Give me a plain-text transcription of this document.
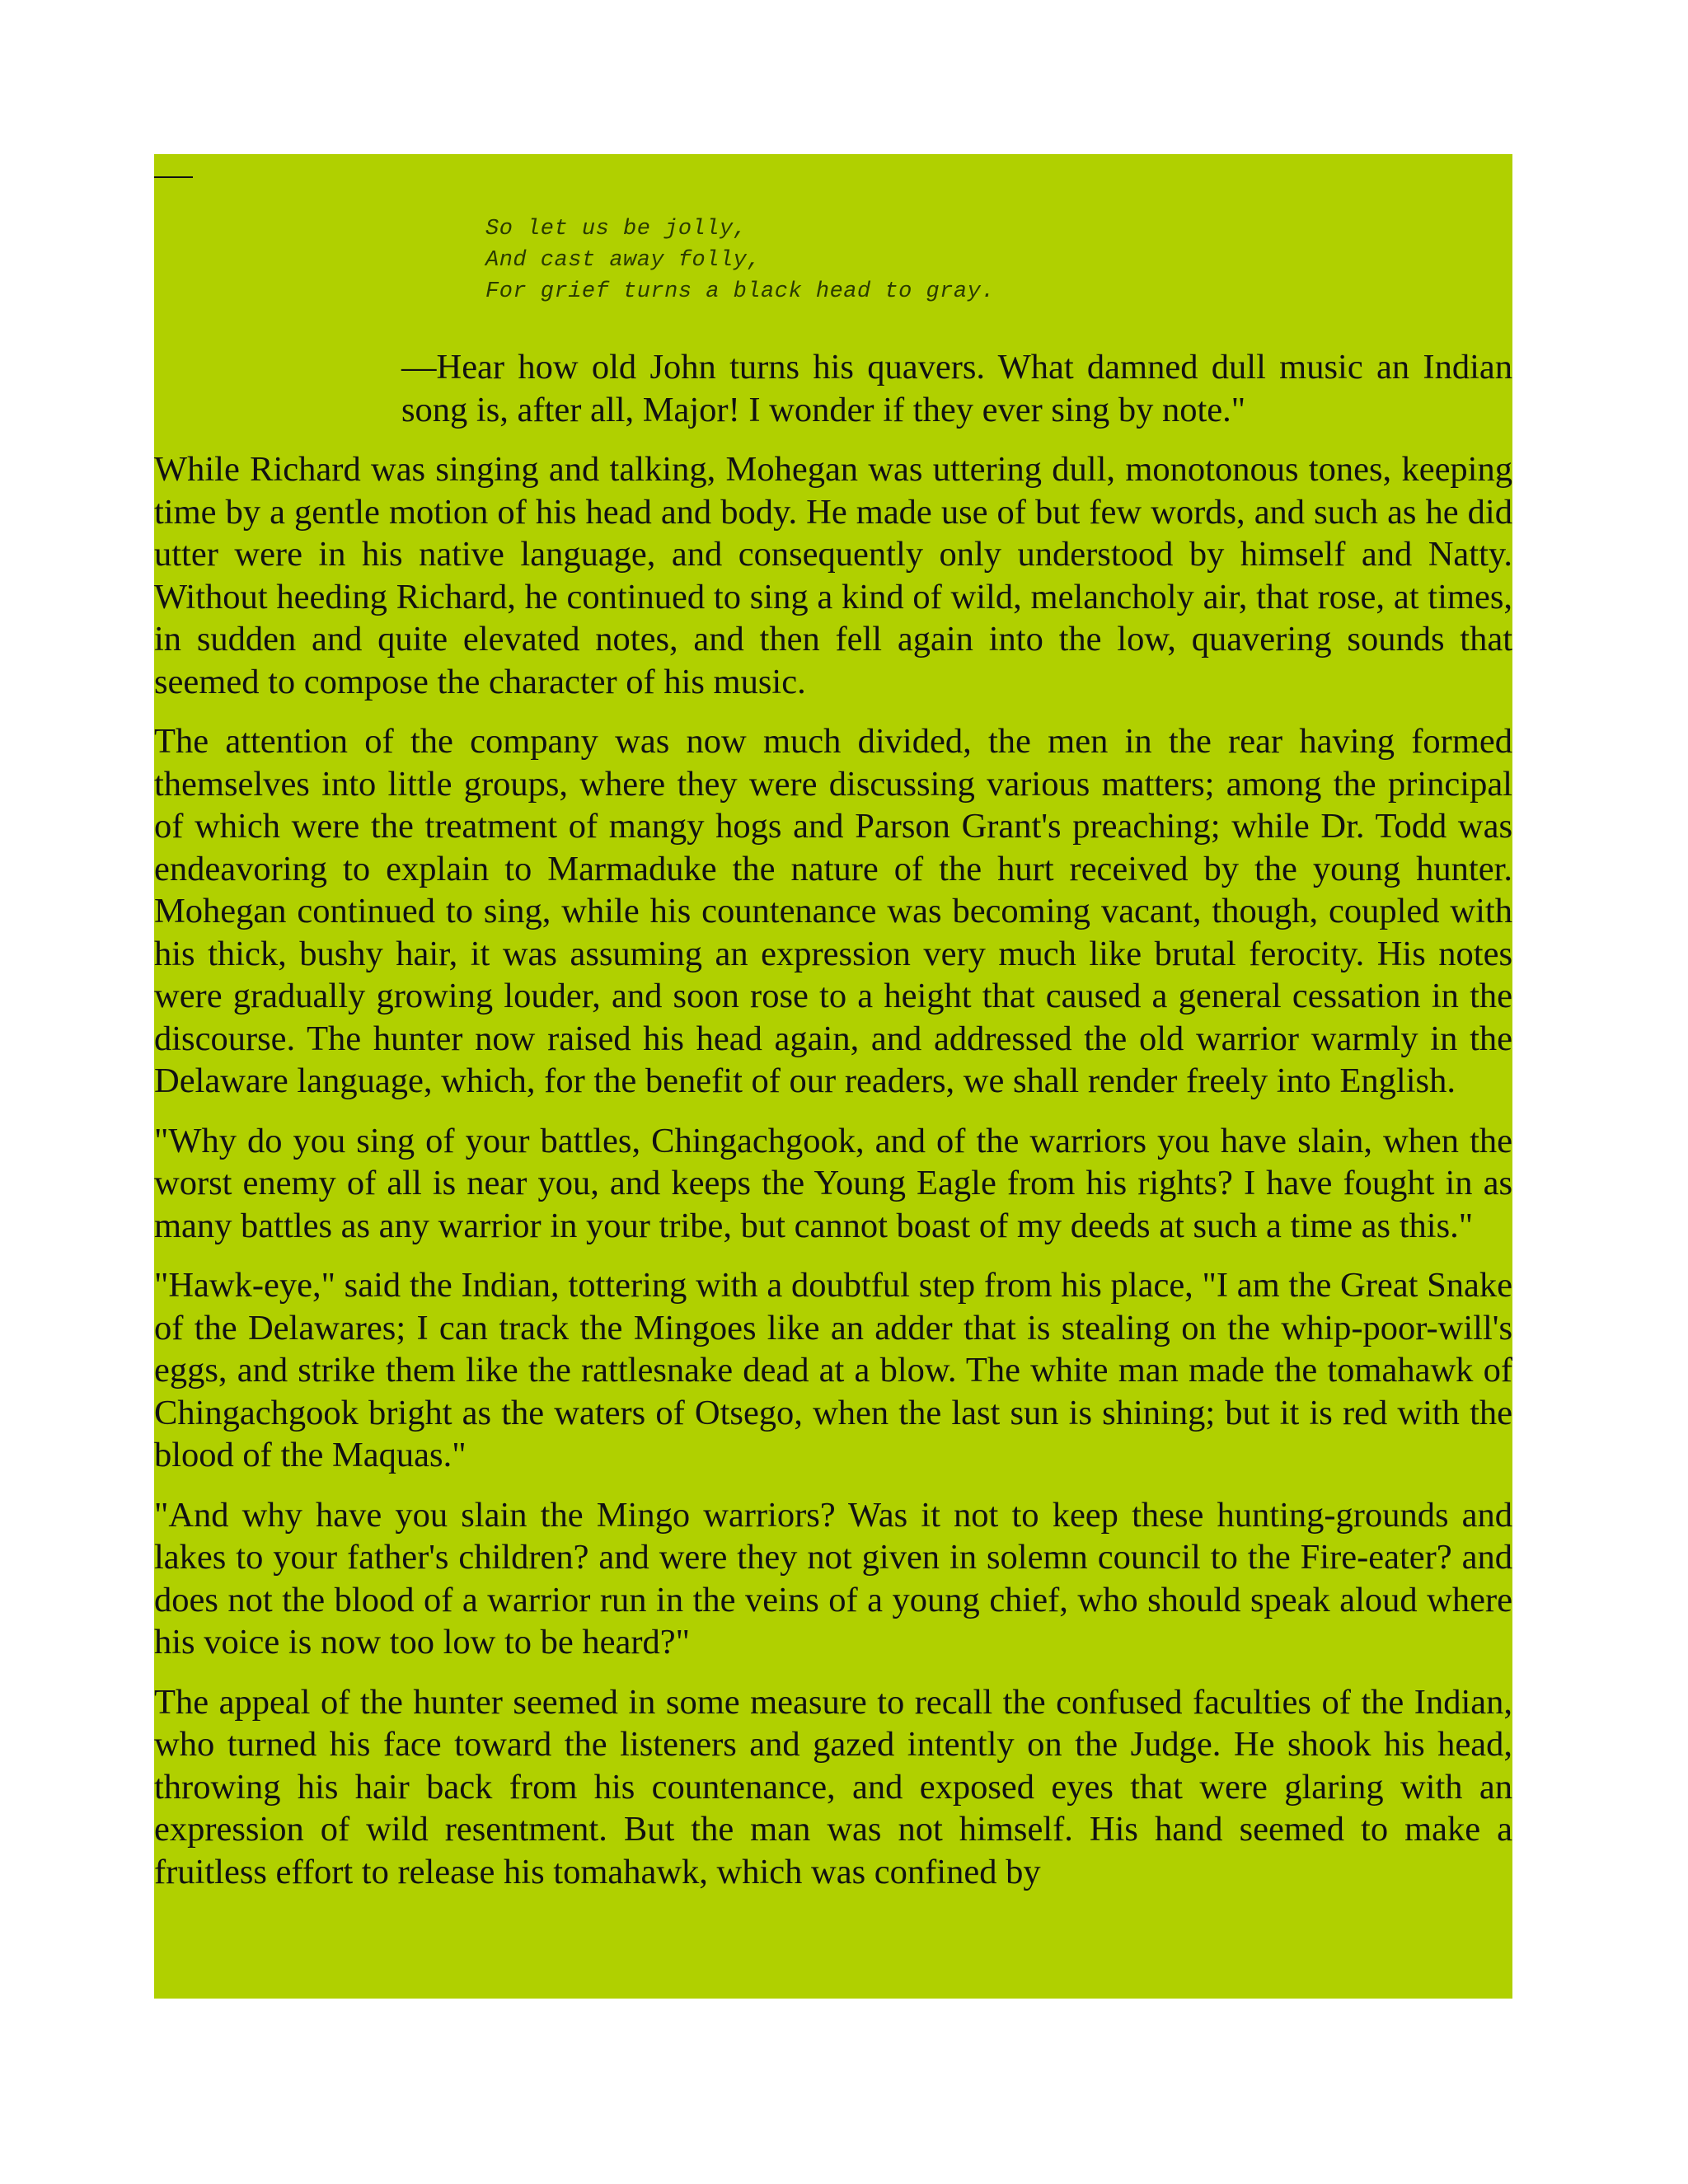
So let us be jolly,
And cast away folly,
For grief turns a black head to gray.

—Hear how old John turns his quavers. What damned dull music an Indian song is, after all, Major! I wonder if they ever sing by note."

While Richard was singing and talking, Mohegan was uttering dull, monotonous tones, keeping time by a gentle motion of his head and body. He made use of but few words, and such as he did utter were in his native language, and consequently only understood by himself and Natty. Without heeding Richard, he continued to sing a kind of wild, melancholy air, that rose, at times, in sudden and quite elevated notes, and then fell again into the low, quavering sounds that seemed to compose the character of his music.

The attention of the company was now much divided, the men in the rear having formed themselves into little groups, where they were discussing various matters; among the principal of which were the treatment of mangy hogs and Parson Grant's preaching; while Dr. Todd was endeavoring to explain to Marmaduke the nature of the hurt received by the young hunter. Mohegan continued to sing, while his countenance was becoming vacant, though, coupled with his thick, bushy hair, it was assuming an expression very much like brutal ferocity. His notes were gradually growing louder, and soon rose to a height that caused a general cessation in the discourse. The hunter now raised his head again, and addressed the old warrior warmly in the Delaware language, which, for the benefit of our readers, we shall render freely into English.

"Why do you sing of your battles, Chingachgook, and of the warriors you have slain, when the worst enemy of all is near you, and keeps the Young Eagle from his rights? I have fought in as many battles as any warrior in your tribe, but cannot boast of my deeds at such a time as this."

"Hawk-eye," said the Indian, tottering with a doubtful step from his place, "I am the Great Snake of the Delawares; I can track the Mingoes like an adder that is stealing on the whip-poor-will's eggs, and strike them like the rattlesnake dead at a blow. The white man made the tomahawk of Chingachgook bright as the waters of Otsego, when the last sun is shining; but it is red with the blood of the Maquas."

"And why have you slain the Mingo warriors? Was it not to keep these hunting-grounds and lakes to your father's children? and were they not given in solemn council to the Fire-eater? and does not the blood of a warrior run in the veins of a young chief, who should speak aloud where his voice is now too low to be heard?"

The appeal of the hunter seemed in some measure to recall the confused faculties of the Indian, who turned his face toward the listeners and gazed intently on the Judge. He shook his head, throwing his hair back from his countenance, and exposed eyes that were glaring with an expression of wild resentment. But the man was not himself. His hand seemed to make a fruitless effort to release his tomahawk, which was confined by
